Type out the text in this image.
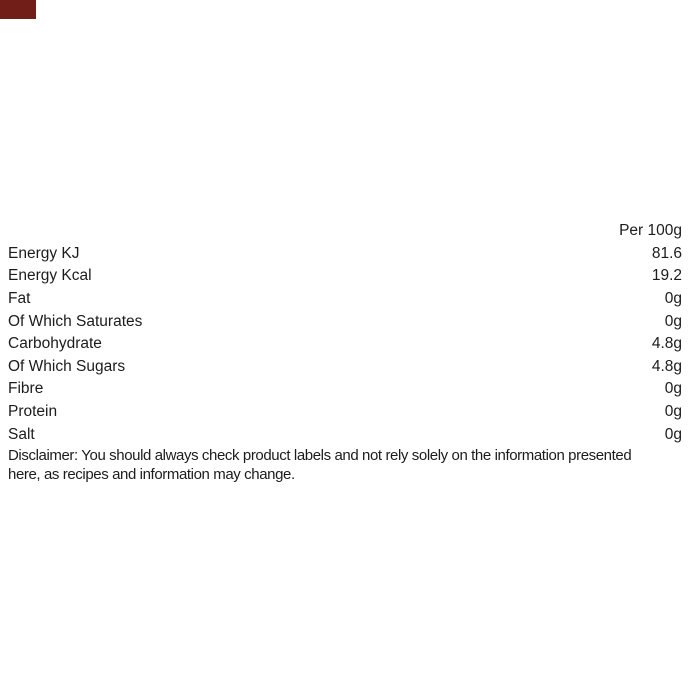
Per 100g
Energy KJ	81.6
Energy Kcal	19.2
Fat	0g
Of Which Saturates	0g
Carbohydrate	4.8g
Of Which Sugars	4.8g
Fibre	0g
Protein	0g
Salt	0g

Disclaimer: You should always check product labels and not rely solely on the information presented
here, as recipes and information may change.
